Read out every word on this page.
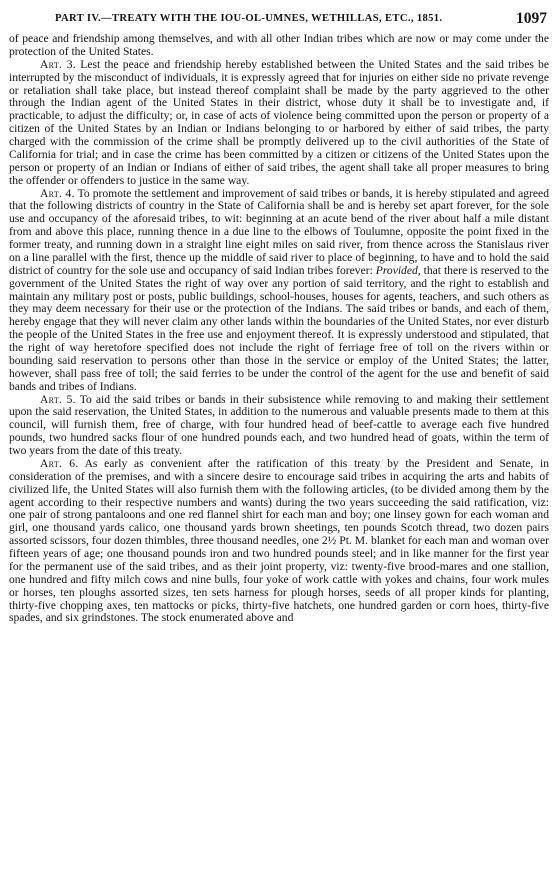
PART IV.—TREATY WITH THE IOU-OL-UMNES, WETHILLAS, ETC., 1851.	1097

of peace and friendship among themselves, and with all other Indian tribes which are now or may come under the protection of the United States.

Art. 3. Lest the peace and friendship hereby established between the United States and the said tribes be interrupted by the misconduct of individuals, it is expressly agreed that for injuries on either side no private revenge or retaliation shall take place, but instead thereof complaint shall be made by the party aggrieved to the other through the Indian agent of the United States in their district, whose duty it shall be to investigate and, if practicable, to adjust the difficulty; or, in case of acts of violence being committed upon the person or property of a citizen of the United States by an Indian or Indians belonging to or harbored by either of said tribes, the party charged with the commission of the crime shall be promptly delivered up to the civil authorities of the State of California for trial; and in case the crime has been committed by a citizen or citizens of the United States upon the person or property of an Indian or Indians of either of said tribes, the agent shall take all proper measures to bring the offender or offenders to justice in the same way.

Art. 4. To promote the settlement and improvement of said tribes or bands, it is hereby stipulated and agreed that the following districts of country in the State of California shall be and is hereby set apart forever, for the sole use and occupancy of the aforesaid tribes, to wit: beginning at an acute bend of the river about half a mile distant from and above this place, running thence in a due line to the elbows of Toulumne, opposite the point fixed in the former treaty, and running down in a straight line eight miles on said river, from thence across the Stanislaus river on a line parallel with the first, thence up the middle of said river to place of beginning, to have and to hold the said district of country for the sole use and occupancy of said Indian tribes forever: Provided, that there is reserved to the government of the United States the right of way over any portion of said territory, and the right to establish and maintain any military post or posts, public buildings, school-houses, houses for agents, teachers, and such others as they may deem necessary for their use or the protection of the Indians. The said tribes or bands, and each of them, hereby engage that they will never claim any other lands within the boundaries of the United States, nor ever disturb the people of the United States in the free use and enjoyment thereof. It is expressly understood and stipulated, that the right of way heretofore specified does not include the right of ferriage free of toll on the rivers within or bounding said reservation to persons other than those in the service or employ of the United States; the latter, however, shall pass free of toll; the said ferries to be under the control of the agent for the use and benefit of said bands and tribes of Indians.

Art. 5. To aid the said tribes or bands in their subsistence while removing to and making their settlement upon the said reservation, the United States, in addition to the numerous and valuable presents made to them at this council, will furnish them, free of charge, with four hundred head of beef-cattle to average each five hundred pounds, two hundred sacks flour of one hundred pounds each, and two hundred head of goats, within the term of two years from the date of this treaty.

Art. 6. As early as convenient after the ratification of this treaty by the President and Senate, in consideration of the premises, and with a sincere desire to encourage said tribes in acquiring the arts and habits of civilized life, the United States will also furnish them with the following articles, (to be divided among them by the agent according to their respective numbers and wants) during the two years succeeding the said ratification, viz: one pair of strong pantaloons and one red flannel shirt for each man and boy; one linsey gown for each woman and girl, one thousand yards calico, one thousand yards brown sheetings, ten pounds Scotch thread, two dozen pairs assorted scissors, four dozen thimbles, three thousand needles, one 2½ Pt. M. blanket for each man and woman over fifteen years of age; one thousand pounds iron and two hundred pounds steel; and in like manner for the first year for the permanent use of the said tribes, and as their joint property, viz: twenty-five brood-mares and one stallion, one hundred and fifty milch cows and nine bulls, four yoke of work cattle with yokes and chains, four work mules or horses, ten ploughs assorted sizes, ten sets harness for plough horses, seeds of all proper kinds for planting, thirty-five chopping axes, ten mattocks or picks, thirty-five hatchets, one hundred garden or corn hoes, thirty-five spades, and six grindstones. The stock enumerated above and
